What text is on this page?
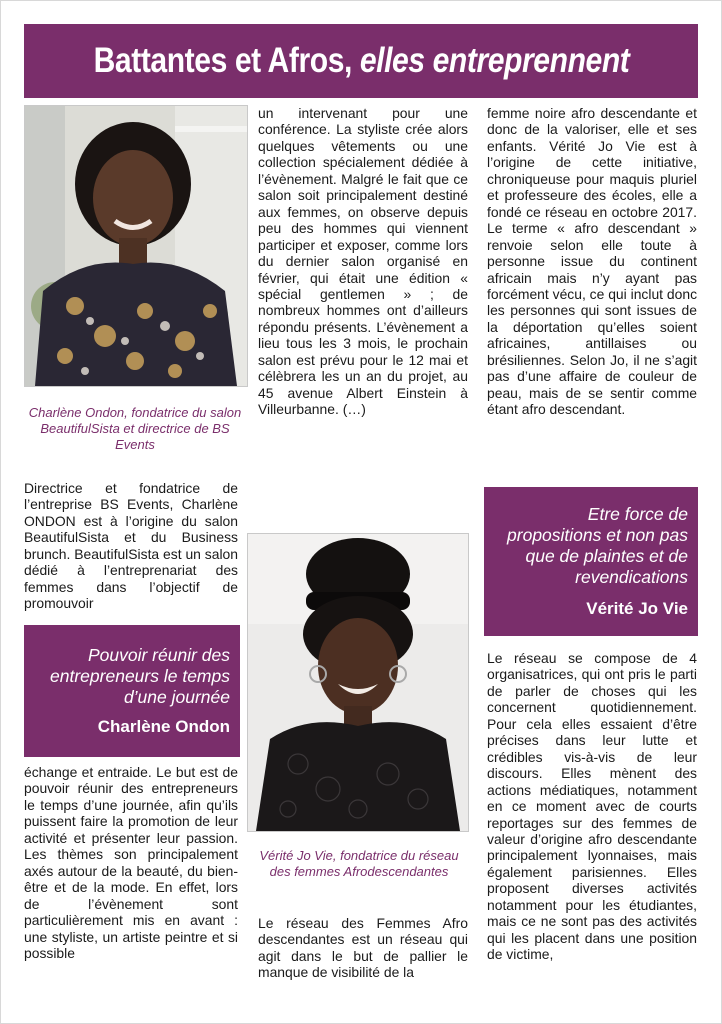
Battantes et Afros, elles entreprennent
Charlène Ondon, fondatrice du salon BeautifulSista et directrice de BS Events
Directrice et fondatrice de l’entreprise BS Events, Charlène ONDON est à l’origine du salon BeautifulSista et du Business brunch. BeautifulSista est un salon dédié à l’entreprenariat des femmes dans l’objectif de promouvoir
Pouvoir réunir des entrepreneurs le temps d’une journée
Charlène Ondon
échange et entraide. Le but est de pouvoir réunir des entrepreneurs le temps d’une journée, afin qu’ils puissent faire la promotion de leur activité et présenter leur passion. Les thèmes son principalement axés autour de la beauté, du bien-être et de la mode. En effet, lors de l’évènement sont particulièrement mis en avant : une styliste, un artiste peintre et si possible
un intervenant pour une conférence. La styliste crée alors quelques vêtements ou une collection spécialement dédiée à l’évènement. Malgré le fait que ce salon soit principalement destiné aux femmes, on observe depuis peu des hommes qui viennent participer et exposer, comme lors du dernier salon organisé en février, qui était une édition « spécial gentlemen » ; de nombreux hommes ont d’ailleurs répondu présents. L’évènement a lieu tous les 3 mois, le prochain salon est prévu pour le 12 mai et célèbrera les un an du projet, au 45 avenue Albert Einstein à Villeurbanne. (…)
Vérité Jo Vie, fondatrice du réseau des femmes Afrodescendantes
Le réseau des Femmes Afro descendantes est un réseau qui agit dans le but de pallier le manque de visibilité de la
femme noire afro descendante et donc de la valoriser, elle et ses enfants. Vérité Jo Vie est à l’origine de cette initiative, chroniqueuse pour maquis pluriel et professeure des écoles, elle a fondé ce réseau en octobre 2017. Le terme « afro descendant » renvoie selon elle toute à personne issue du continent africain mais n’y ayant pas forcément vécu, ce qui inclut donc les personnes qui sont issues de la déportation qu’elles soient africaines, antillaises ou brésiliennes. Selon Jo, il ne s’agit pas d’une affaire de couleur de peau, mais de se sentir comme étant afro descendant.
Etre force de propositions et non pas que de plaintes et de revendications
Vérité Jo Vie
Le réseau se compose de 4 organisatrices, qui ont pris le parti de parler de choses qui les concernent quotidiennement. Pour cela elles essaient d’être précises dans leur lutte et crédibles vis-à-vis de leur discours. Elles mènent des actions médiatiques, notamment en ce moment avec de courts reportages sur des femmes de valeur d’origine afro descendante principalement lyonnaises, mais également parisiennes. Elles proposent diverses activités notamment pour les étudiantes, mais ce ne sont pas des activités qui les placent dans une position de victime,
